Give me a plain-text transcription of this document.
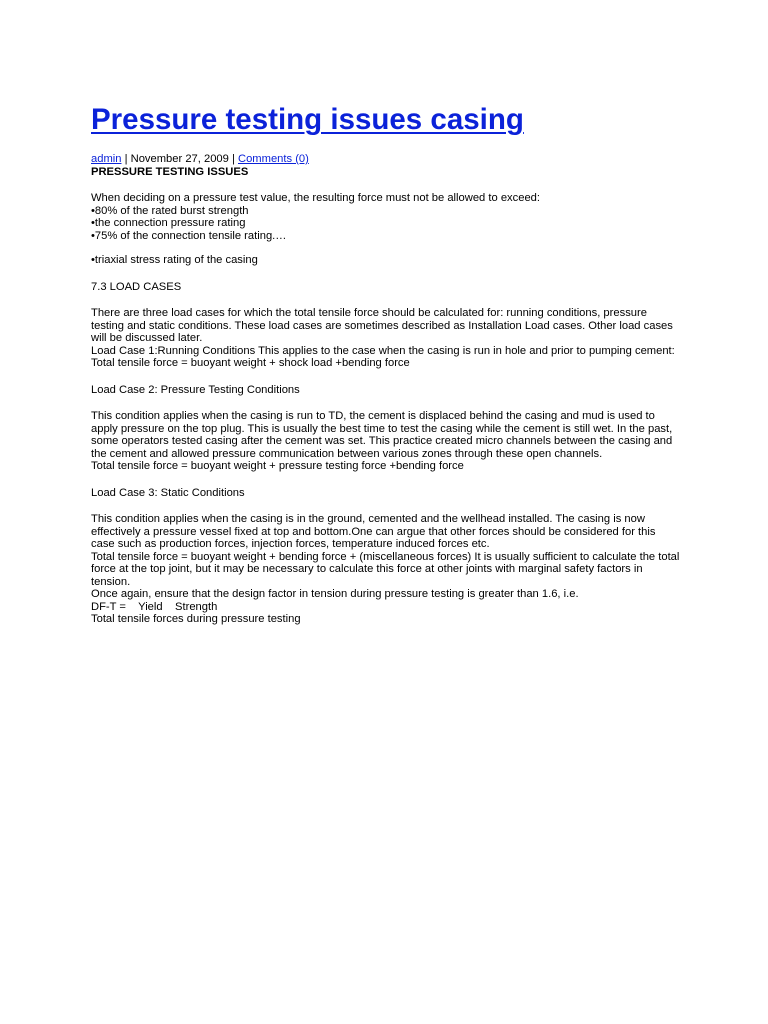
Pressure testing issues casing
admin | November 27, 2009 | Comments (0)
PRESSURE TESTING ISSUES

When deciding on a pressure test value, the resulting force must not be allowed to exceed:

•80% of the rated burst strength

•the connection pressure rating

•75% of the connection tensile rating.…

•triaxial stress rating of the casing

7.3 LOAD CASES

There are three load cases for which the total tensile force should be calculated for: running conditions, pressure testing and static conditions. These load cases are sometimes described as Installation Load cases. Other load cases will be discussed later.

Load Case 1:Running Conditions This applies to the case when the casing is run in hole and prior to pumping cement:

Total tensile force = buoyant weight + shock load +bending force

Load Case 2: Pressure Testing Conditions

This condition applies when the casing is run to TD, the cement is displaced behind the casing and mud is used to apply pressure on the top plug. This is usually the best time to test the casing while the cement is still wet. In the past, some operators tested casing after the cement was set. This practice created micro channels between the casing and the cement and allowed pressure communication between various zones through these open channels.

Total tensile force = buoyant weight + pressure testing force +bending force

Load Case 3: Static Conditions

This condition applies when the casing is in the ground, cemented and the wellhead installed. The casing is now effectively a pressure vessel fixed at top and bottom.One can argue that other forces should be considered for this case such as production forces, injection forces, temperature induced forces etc.

Total tensile force = buoyant weight + bending force + (miscellaneous forces) It is usually sufficient to calculate the total force at the top joint, but it may be necessary to calculate this force at other joints with marginal safety factors in tension.

Once again, ensure that the design factor in tension during pressure testing is greater than 1.6, i.e.

DF-T =    Yield    Strength

Total tensile forces during pressure testing
